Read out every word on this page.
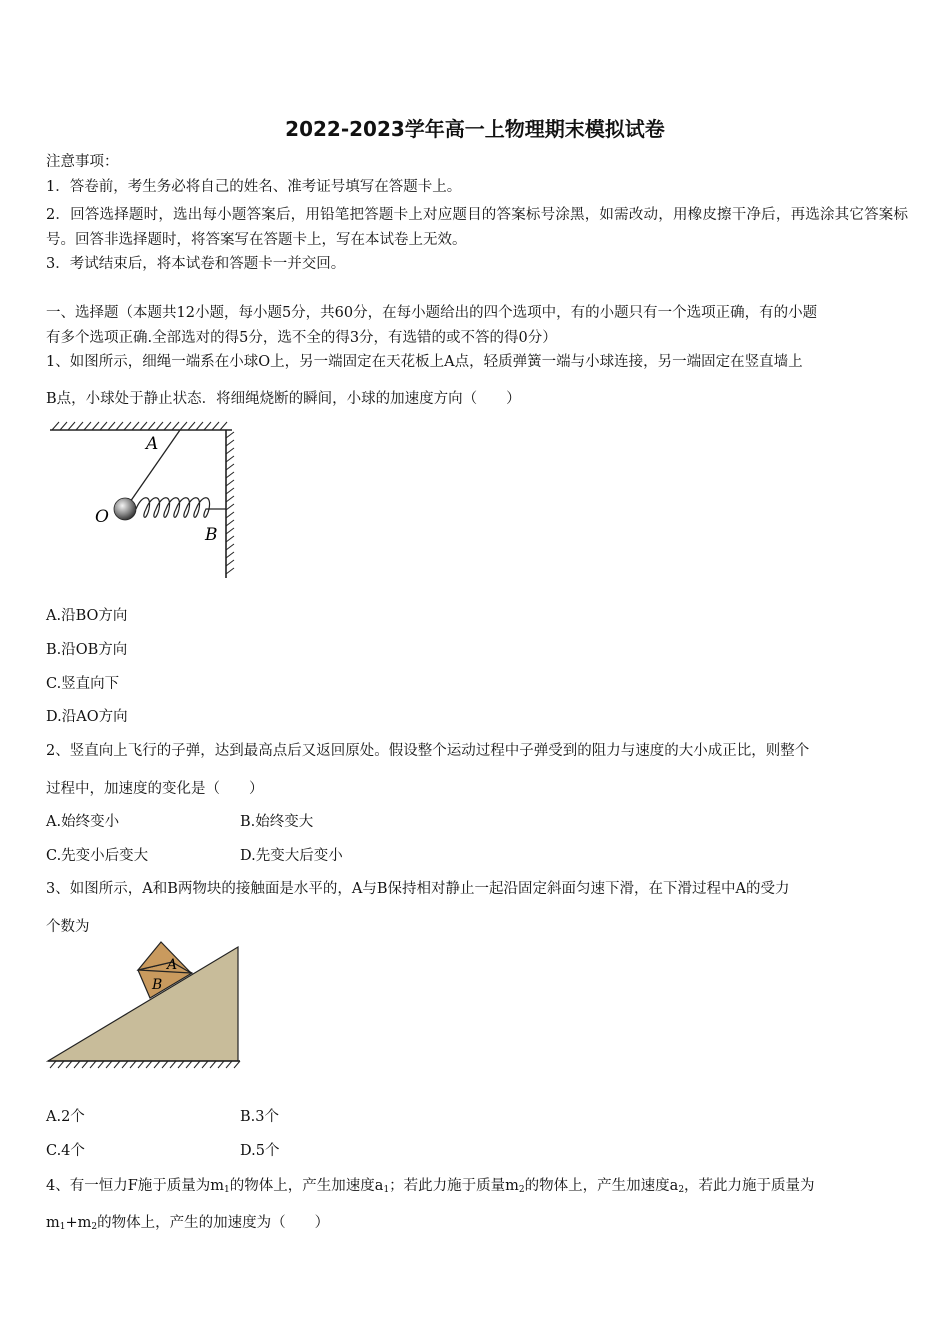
2022-2023学年高一上物理期末模拟试卷
注意事项：
1．答卷前，考生务必将自己的姓名、准考证号填写在答题卡上。
2．回答选择题时，选出每小题答案后，用铅笔把答题卡上对应题目的答案标号涂黑，如需改动，用橡皮擦干净后，再选涂其它答案标号。回答非选择题时，将答案写在答题卡上，写在本试卷上无效。
3．考试结束后，将本试卷和答题卡一并交回。
一、选择题（本题共12小题，每小题5分，共60分，在每小题给出的四个选项中，有的小题只有一个选项正确，有的小题
有多个选项正确.全部选对的得5分，选不全的得3分，有选错的或不答的得0分）
1、如图所示，细绳一端系在小球O上，另一端固定在天花板上A点，轻质弹簧一端与小球连接，另一端固定在竖直墙上
B点，小球处于静止状态．将细绳烧断的瞬间，小球的加速度方向（　　）
A
O
B
A.沿BO方向
B.沿OB方向
C.竖直向下
D.沿AO方向
2、竖直向上飞行的子弹，达到最高点后又返回原处。假设整个运动过程中子弹受到的阻力与速度的大小成正比，则整个
过程中，加速度的变化是（　　）
A.始终变小	B.始终变大
C.先变小后变大	D.先变大后变小
3、如图所示，A和B两物块的接触面是水平的，A与B保持相对静止一起沿固定斜面匀速下滑，在下滑过程中A的受力
个数为
A
B
A.2个	B.3个
C.4个	D.5个
4、有一恒力F施于质量为$m_1$的物体上，产生加速度$a_1$；若此力施于质量$m_2$的物体上，产生加速度$a_2$，若此力施于质量为
$m_1+m_2$的物体上，产生的加速度为（　　）
